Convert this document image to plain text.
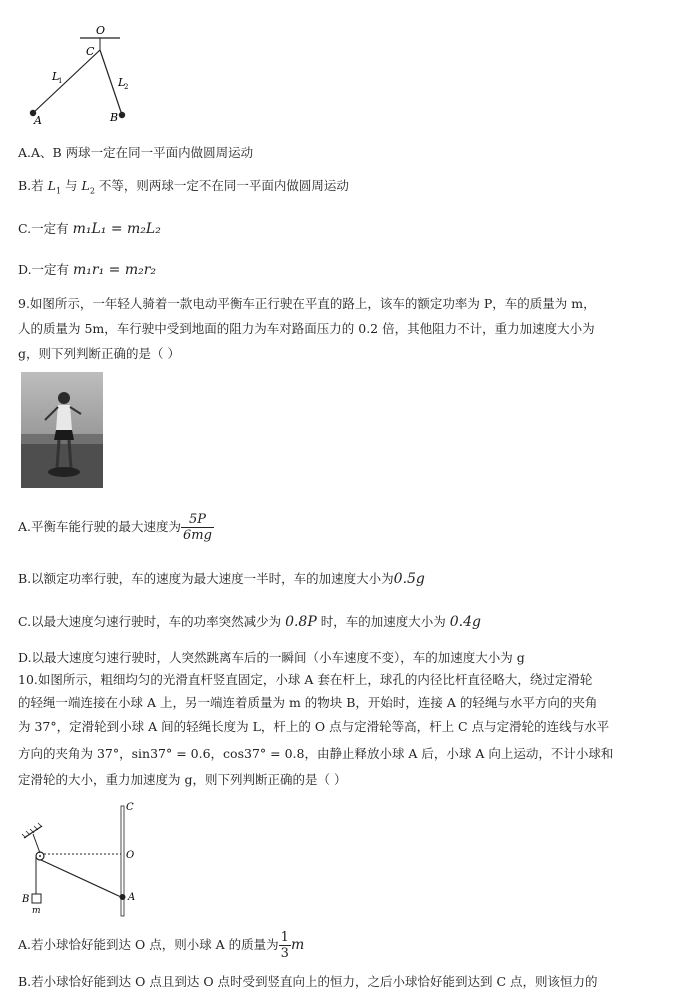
O
C
L
1	L
2
A	B
A.A、B 两球一定在同一平面内做圆周运动
B.若 $L_1$ 与 $L_2$ 不等，则两球一定不在同一平面内做圆周运动
C.一定有 m₁L₁ = m₂L₂
D.一定有 m₁r₁ = m₂r₂
9.如图所示，一年轻人骑着一款电动平衡车正行驶在平直的路上，该车的额定功率为 P，车的质量为 m，
人的质量为 5m，车行驶中受到地面的阻力为车对路面压力的 0.2 倍，其他阻力不计，重力加速度大小为
g，则下列判断正确的是（ ）
A.平衡车能行驶的最大速度为 $\frac{5P}{6mg}$
B.以额定功率行驶，车的速度为最大速度一半时，车的加速度大小为0.5g
C.以最大速度匀速行驶时，车的功率突然减少为 0.8P 时，车的加速度大小为 0.4g
D.以最大速度匀速行驶时，人突然跳离车后的一瞬间（小车速度不变），车的加速度大小为 g
10.如图所示，粗细均匀的光滑直杆竖直固定，小球 A 套在杆上，球孔的内径比杆直径略大，绕过定滑轮
的轻绳一端连接在小球 A 上，另一端连着质量为 m 的物块 B，开始时，连接 A 的轻绳与水平方向的夹角
为 37°，定滑轮到小球 A 间的轻绳长度为 L，杆上的 O 点与定滑轮等高，杆上 C 点与定滑轮的连线与水平
方向的夹角为 37°，sin37° = 0.6，cos37° = 0.8，由静止释放小球 A 后，小球 A 向上运动，不计小球和
定滑轮的大小，重力加速度为 g，则下列判断正确的是（ ）
C
O
A
B
m
A.若小球恰好能到达 O 点，则小球 A 的质量为 $\frac{1}{3}$ m
B.若小球恰好能到达 O 点且到达 O 点时受到竖直向上的恒力，之后小球恰好能到达到 C 点，则该恒力的
